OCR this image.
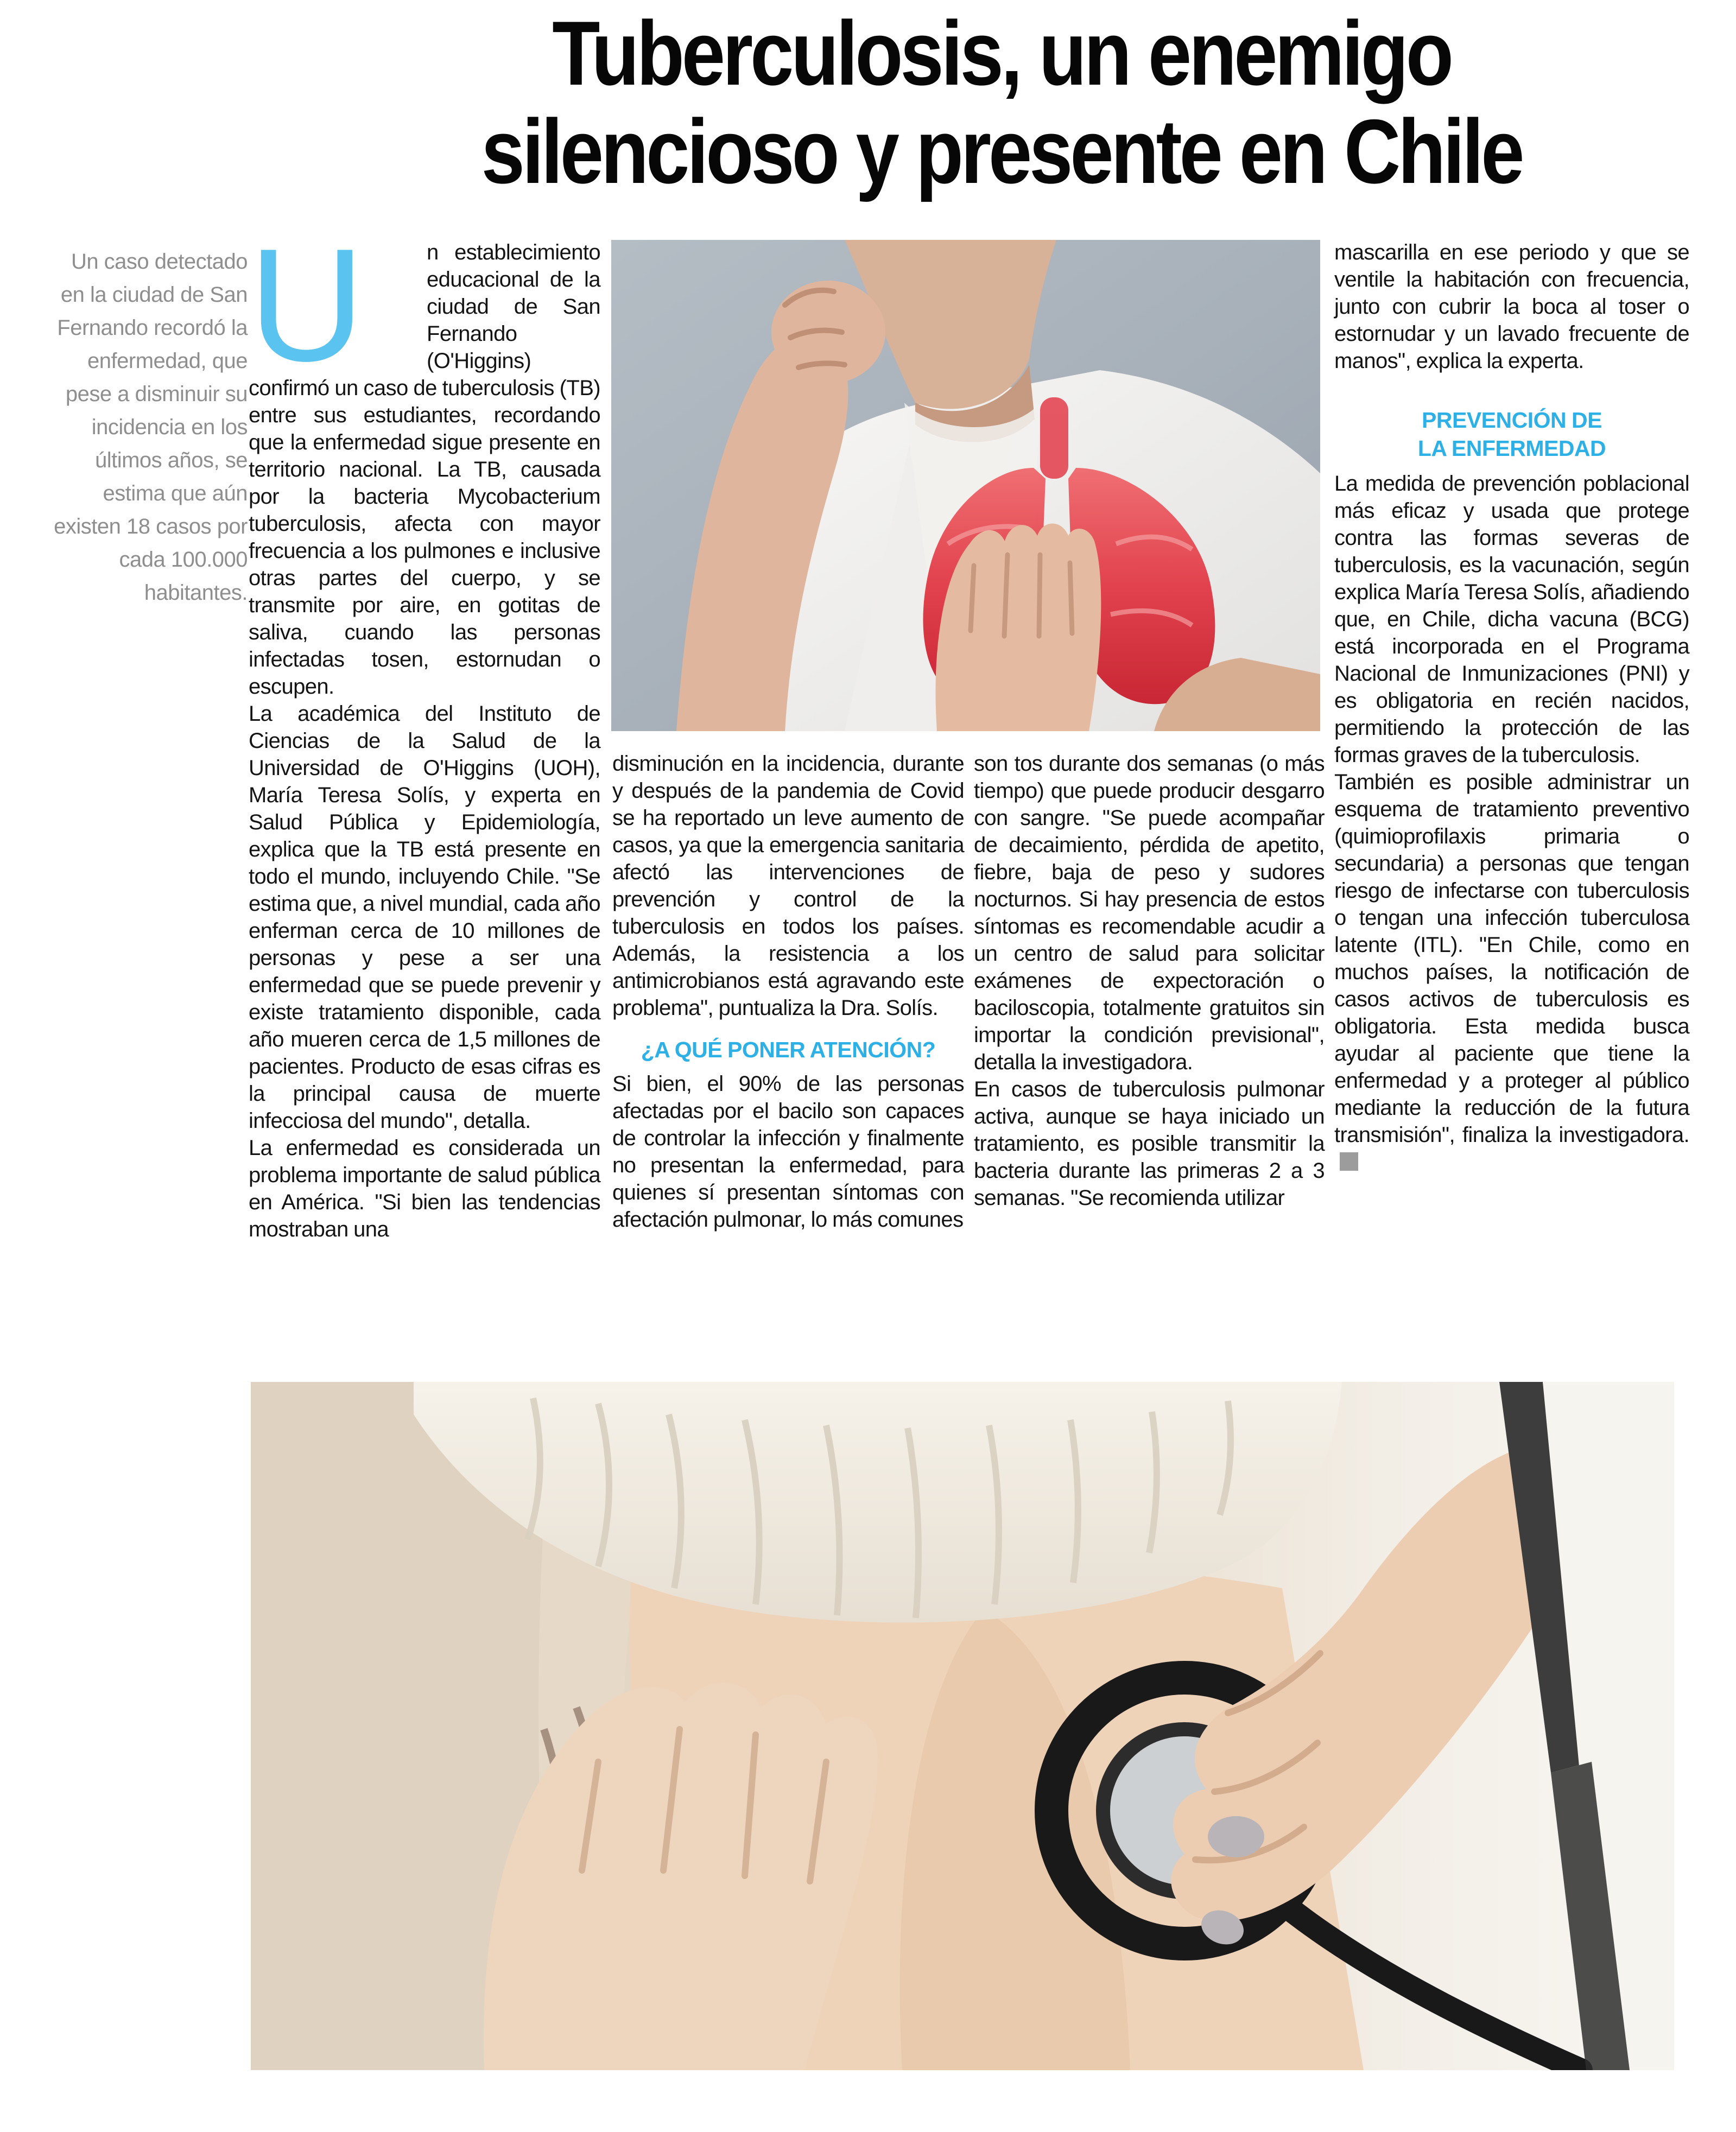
Tuberculosis, un enemigo
silencioso y presente en Chile
Un caso detectado en la ciudad de San Fernando recordó la enfermedad, que pese a disminuir su incidencia en los últimos años, se estima que aún existen 18 casos por cada 100.000 habitantes.

U	n establecimiento educacional de la ciudad de San Fernando (O'Higgins) confirmó un caso de tuberculosis (TB) entre sus estudiantes, recordando que la enfermedad sigue presente en territorio nacional. La TB, causada por la bacteria Mycobacterium tuberculosis, afecta con mayor frecuencia a los pulmones e inclusive otras partes del cuerpo, y se transmite por aire, en gotitas de saliva, cuando las personas infectadas tosen, estornudan o escupen.

La académica del Instituto de Ciencias de la Salud de la Universidad de O'Higgins (UOH), María Teresa Solís, y experta en Salud Pública y Epidemiología, explica que la TB está presente en todo el mundo, incluyendo Chile. "Se estima que, a nivel mundial, cada año enferman cerca de 10 millones de personas y pese a ser una enfermedad que se puede prevenir y existe tratamiento disponible, cada año mueren cerca de 1,5 millones de pacientes. Producto de esas cifras es la principal causa de muerte infecciosa del mundo", detalla.

La enfermedad es considerada un problema importante de salud pública en América. "Si bien las tendencias mostraban una

disminución en la incidencia, durante y después de la pandemia de Covid se ha reportado un leve aumento de casos, ya que la emergencia sanitaria afectó las intervenciones de prevención y control de la tuberculosis en todos los países. Además, la resistencia a los antimicrobianos está agravando este problema", puntualiza la Dra. Solís.

¿A QUÉ PONER ATENCIÓN?

Si bien, el 90% de las personas afectadas por el bacilo son capaces de controlar la infección y finalmente no presentan la enfermedad, para quienes sí presentan síntomas con afectación pulmonar, lo más comunes

son tos durante dos semanas (o más tiempo) que puede producir desgarro con sangre. "Se puede acompañar de decaimiento, pérdida de apetito, fiebre, baja de peso y sudores nocturnos. Si hay presencia de estos síntomas es recomendable acudir a un centro de salud para solicitar exámenes de expectoración o baciloscopia, totalmente gratuitos sin importar la condición previsional", detalla la investigadora.

En casos de tuberculosis pulmonar activa, aunque se haya iniciado un tratamiento, es posible transmitir la bacteria durante las primeras 2 a 3 semanas. "Se recomienda utilizar

mascarilla en ese periodo y que se ventile la habitación con frecuencia, junto con cubrir la boca al toser o estornudar y un lavado frecuente de manos", explica la experta.

PREVENCIÓN DE
LA ENFERMEDAD

La medida de prevención poblacional más eficaz y usada que protege contra las formas severas de tuberculosis, es la vacunación, según explica María Teresa Solís, añadiendo que, en Chile, dicha vacuna (BCG) está incorporada en el Programa Nacional de Inmunizaciones (PNI) y es obligatoria en recién nacidos, permitiendo la protección de las formas graves de la tuberculosis.

También es posible administrar un esquema de tratamiento preventivo (quimioprofilaxis primaria o secundaria) a personas que tengan riesgo de infectarse con tuberculosis o tengan una infección tuberculosa latente (ITL). "En Chile, como en muchos países, la notificación de casos activos de tuberculosis es obligatoria. Esta medida busca ayudar al paciente que tiene la enfermedad y a proteger al público mediante la reducción de la futura transmisión", finaliza la investigadora.
